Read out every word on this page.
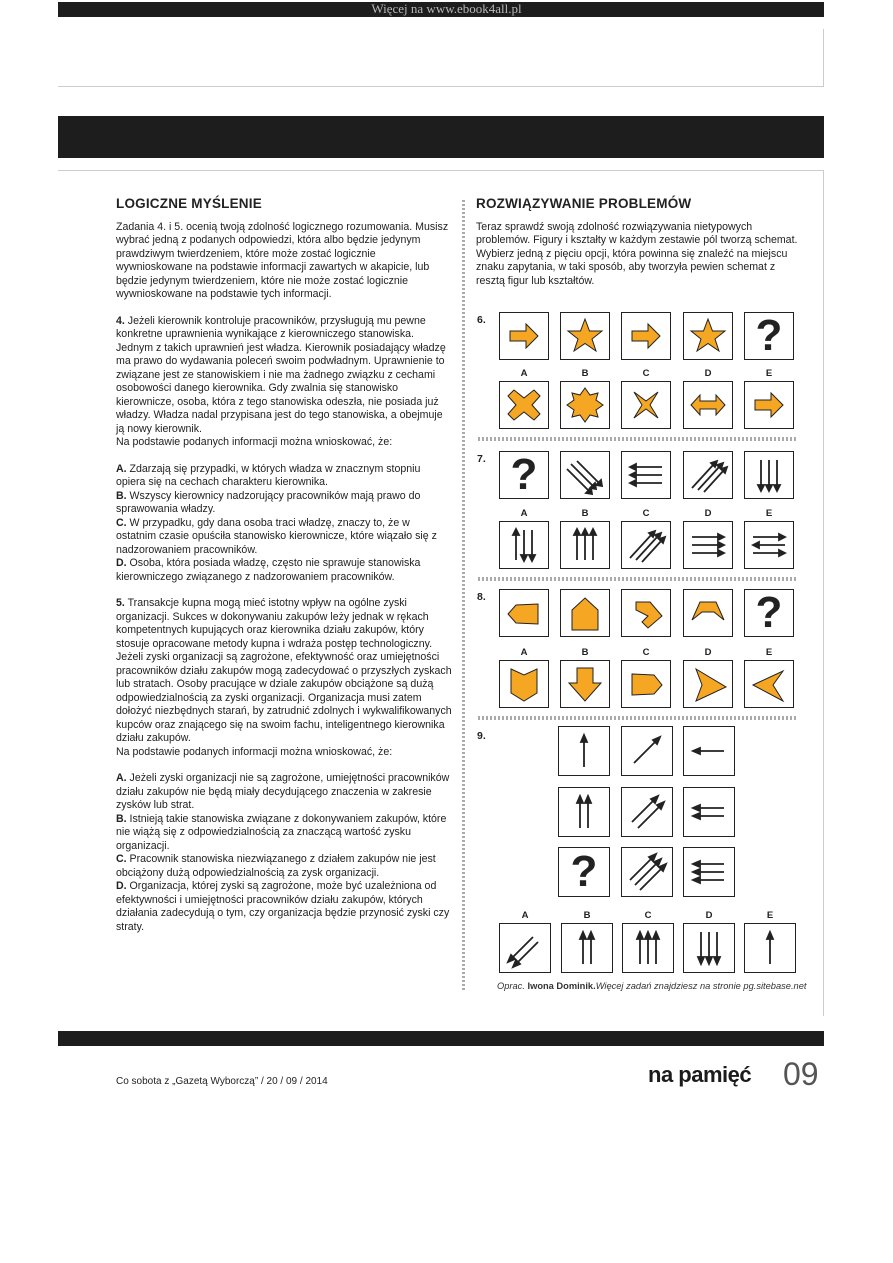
Więcej na www.ebook4all.pl
LOGICZNE MYŚLENIE

Zadania 4. i 5. ocenią twoją zdolność logicznego rozumowania. Musisz wybrać jedną z podanych odpowiedzi, która albo będzie jedynym prawdziwym twierdzeniem, które może zostać logicznie wywnioskowane na podstawie informacji zawartych w akapicie, lub będzie jedynym twierdzeniem, które nie może zostać logicznie wywnioskowane na podstawie tych informacji.

4. Jeżeli kierownik kontroluje pracowników, przysługują mu pewne konkretne uprawnienia wynikające z kierowniczego stanowiska. Jednym z takich uprawnień jest władza. Kierownik posiadający władzę ma prawo do wydawania poleceń swoim podwładnym. Uprawnienie to związane jest ze stanowiskiem i nie ma żadnego związku z cechami osobowości danego kierownika. Gdy zwalnia się stanowisko kierownicze, osoba, która z tego stanowiska odeszła, nie posiada już władzy. Władza nadal przypisana jest do tego stanowiska, a obejmuje ją nowy kierownik.
Na podstawie podanych informacji można wnioskować, że:

A. Zdarzają się przypadki, w których władza w znacznym stopniu opiera się na cechach charakteru kierownika.
B. Wszyscy kierownicy nadzorujący pracowników mają prawo do sprawowania władzy.
C. W przypadku, gdy dana osoba traci władzę, znaczy to, że w ostatnim czasie opuściła stanowisko kierownicze, które wiązało się z nadzorowaniem pracowników.
D. Osoba, która posiada władzę, często nie sprawuje stanowiska kierowniczego związanego z nadzorowaniem pracowników.

5. Transakcje kupna mogą mieć istotny wpływ na ogólne zyski organizacji. Sukces w dokonywaniu zakupów leży jednak w rękach kompetentnych kupujących oraz kierownika działu zakupów, który stosuje opracowane metody kupna i wdraża postęp technologiczny. Jeżeli zyski organizacji są zagrożone, efektywność oraz umiejętności pracowników działu zakupów mogą zadecydować o przyszłych zyskach lub stratach. Osoby pracujące w dziale zakupów obciążone są dużą odpowiedzialnością za zyski organizacji. Organizacja musi zatem dołożyć niezbędnych starań, by zatrudnić zdolnych i wykwalifikowanych kupców oraz znającego się na swoim fachu, inteligentnego kierownika działu zakupów.
Na podstawie podanych informacji można wnioskować, że:

A. Jeżeli zyski organizacji nie są zagrożone, umiejętności pracowników działu zakupów nie będą miały decydującego znaczenia w zakresie zysków lub strat.
B. Istnieją takie stanowiska związane z dokonywaniem zakupów, które nie wiążą się z odpowiedzialnością za znaczącą wartość zysku organizacji.
C. Pracownik stanowiska niezwiązanego z działem zakupów nie jest obciążony dużą odpowiedzialnością za zysk organizacji.
D. Organizacja, której zyski są zagrożone, może być uzależniona od efektywności i umiejętności pracowników działu zakupów, których działania zadecydują o tym, czy organizacja będzie przynosić zyski czy straty.

ROZWIĄZYWANIE PROBLEMÓW

Teraz sprawdź swoją zdolność rozwiązywania nietypowych problemów. Figury i kształty w każdym zestawie pól tworzą schemat. Wybierz jedną z pięciu opcji, która powinna się znaleźć na miejscu znaku zapytania, w taki sposób, aby tworzyła pewien schemat z resztą figur lub kształtów.

6.	?
A	B	C	D	E
7. ?
A	B	C	D	E
8.	?
A	B	C	D	E
9.
?
A	B	C	D	E
Oprac. Iwona Dominik.Więcej zadań znajdziesz na stronie pg.sitebase.net
Co sobota z „Gazetą Wyborczą” / 20 / 09 / 2014	na pamięć 09
